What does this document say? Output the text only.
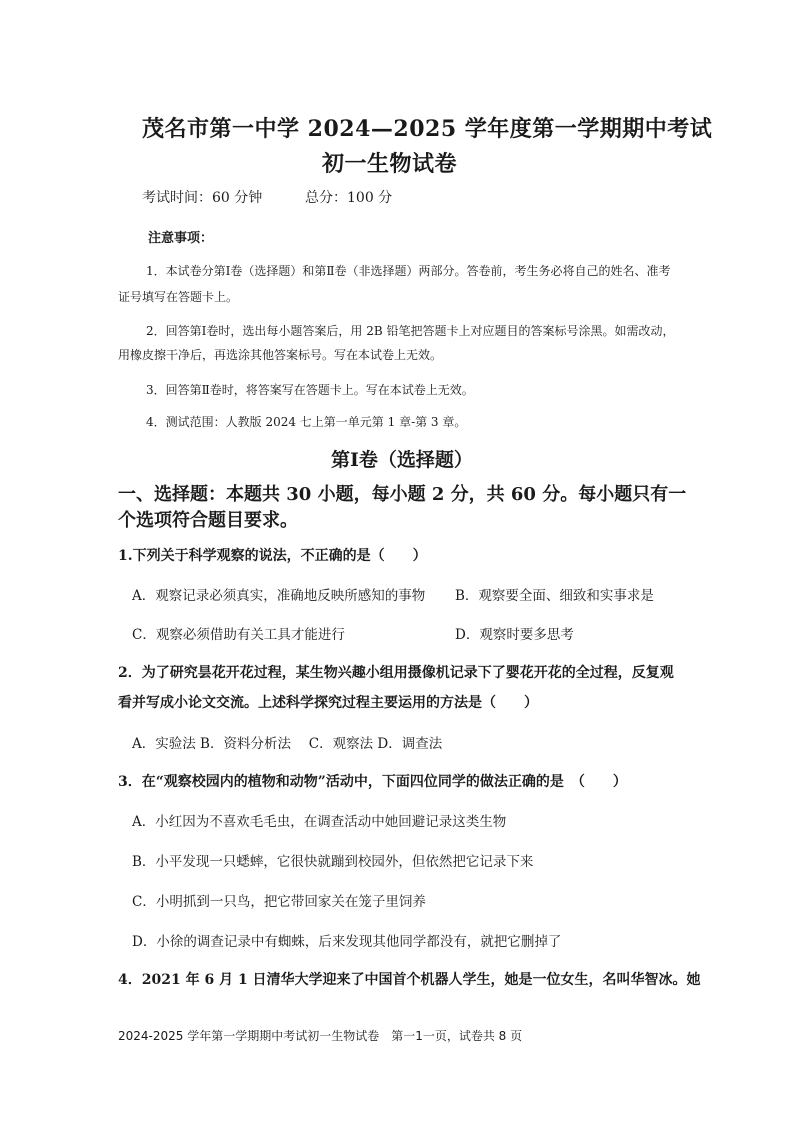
茂名市第一中学 2024—2025 学年度第一学期期中考试
初一生物试卷
考试时间：60 分钟	总分：100 分
注意事项：
1．本试卷分第Ⅰ卷（选择题）和第Ⅱ卷（非选择题）两部分。答卷前，考生务必将自己的姓名、准考
证号填写在答题卡上。
2．回答第Ⅰ卷时，选出每小题答案后，用 2B 铅笔把答题卡上对应题目的答案标号涂黑。如需改动，
用橡皮擦干净后，再选涂其他答案标号。写在本试卷上无效。
3．回答第Ⅱ卷时，将答案写在答题卡上。写在本试卷上无效。
4．测试范围：人教版 2024 七上第一单元第 1 章-第 3 章。
第Ⅰ卷（选择题）
一、选择题：本题共 30 小题，每小题 2 分，共 60 分。每小题只有一
个选项符合题目要求。
1.下列关于科学观察的说法，不正确的是（　　）
A．观察记录必须真实，准确地反映所感知的事物 B．观察要全面、细致和实事求是
C．观察必须借助有关工具才能进行	D．观察时要多思考
2．为了研究昙花开花过程，某生物兴趣小组用摄像机记录下了婴花开花的全过程，反复观
看并写成小论文交流。上述科学探究过程主要运用的方法是（　　）
A．实验法 B．资料分析法　 C．观察法 D．调查法
3．在“观察校园内的植物和动物”活动中，下面四位同学的做法正确的是　（　　）
A．小红因为不喜欢毛毛虫，在调查活动中她回避记录这类生物
B．小平发现一只蟋蟀，它很快就蹦到校园外，但依然把它记录下来
C．小明抓到一只鸟，把它带回家关在笼子里饲养
D．小徐的调查记录中有蜘蛛，后来发现其他同学都没有，就把它删掉了
4．2021 年 6 月 1 日清华大学迎来了中国首个机器人学生，她是一位女生，名叫华智冰。她
2024-2025 学年第一学期期中考试初一生物试卷　第一1一页，试卷共 8 页
